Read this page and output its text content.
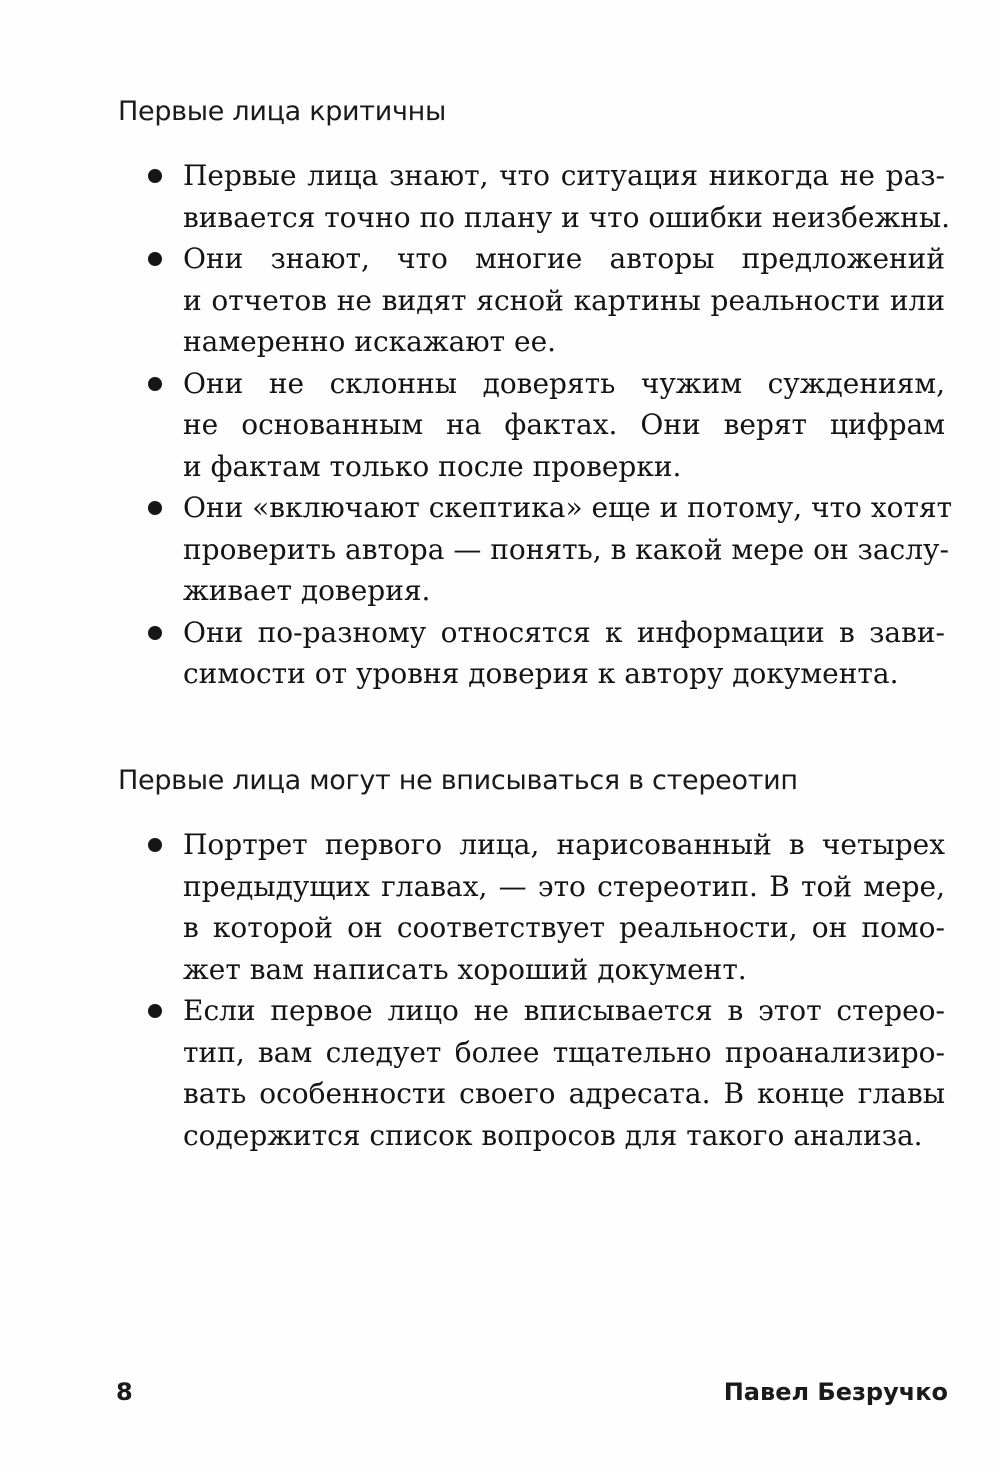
Первые лица критичны
Первые лица знают, что ситуация никогда не раз-
вивается точно по плану и что ошибки неизбежны.
Они знают, что многие авторы предложений
и отчетов не видят ясной картины реальности или
намеренно искажают ее.
Они не склонны доверять чужим суждениям,
не основанным на фактах. Они верят цифрам
и фактам только после проверки.
Они «включают скептика» еще и потому, что хотят
проверить автора — понять, в какой мере он заслу-
живает доверия.
Они по-разному относятся к информации в зави-
симости от уровня доверия к автору документа.
Первые лица могут не вписываться в стереотип
Портрет первого лица, нарисованный в четырех
предыдущих главах, — это стереотип. В той мере,
в которой он соответствует реальности, он помо-
жет вам написать хороший документ.
Если первое лицо не вписывается в этот стерео-
тип, вам следует более тщательно проанализиро-
вать особенности своего адресата. В конце главы
содержится список вопросов для такого анализа.

8	Павел Безручко
